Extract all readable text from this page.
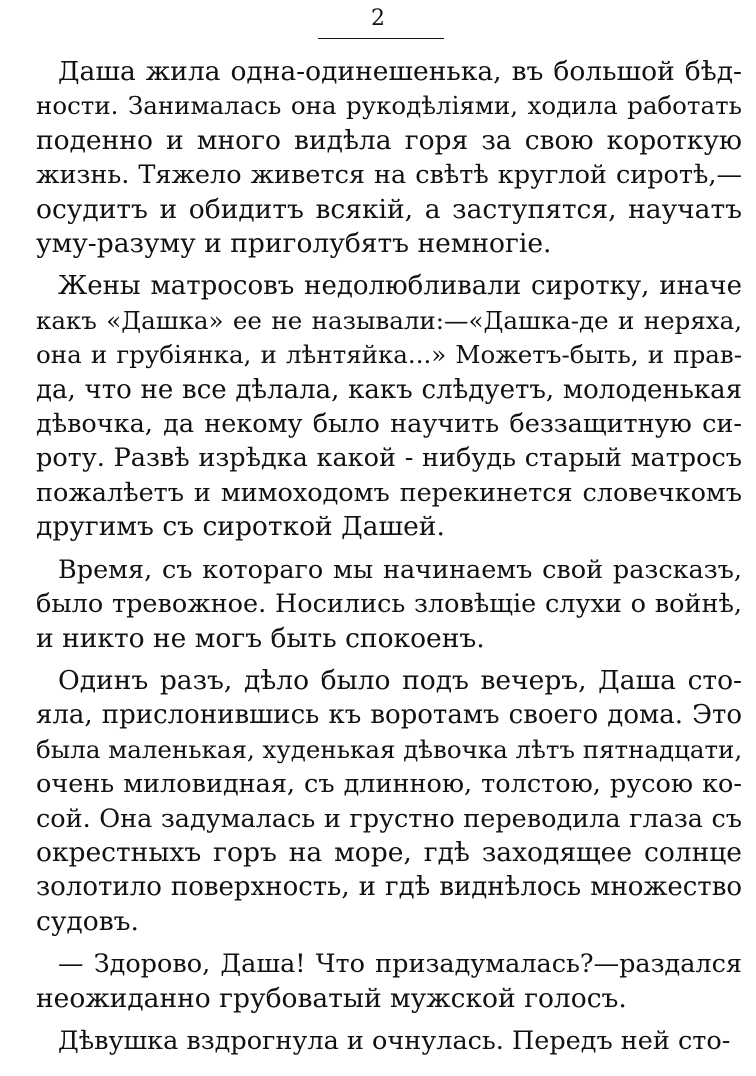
2

Даша жила одна-одинешенька, въ большой бѣд-
ности. Занималась она рукодѣліями, ходила работать
поденно и много видѣла горя за свою короткую
жизнь. Тяжело живется на свѣтѣ круглой сиротѣ,—
осудитъ и обидитъ всякій, а заступятся, научатъ
уму-разуму и приголубятъ немногіе.

Жены матросовъ недолюбливали сиротку, иначе
какъ «Дашка» ее не называли:—«Дашка-де и неряха,
она и грубіянка, и лѣнтяйка...» Можетъ-быть, и прав-
да, что не все дѣлала, какъ слѣдуетъ, молоденькая
дѣвочка, да некому было научить беззащитную си-
роту. Развѣ изрѣдка какой - нибудь старый матросъ
пожалѣетъ и мимоходомъ перекинется словечкомъ
другимъ съ сироткой Дашей.

Время, съ котораго мы начинаемъ свой разсказъ,
было тревожное. Носились зловѣщіе слухи о войнѣ,
и никто не могъ быть спокоенъ.

Одинъ разъ, дѣло было подъ вечеръ, Даша сто-
яла, прислонившись къ воротамъ своего дома. Это
была маленькая, худенькая дѣвочка лѣтъ пятнадцати,
очень миловидная, съ длинною, толстою, русою ко-
сой. Она задумалась и грустно переводила глаза съ
окрестныхъ горъ на море, гдѣ заходящее солнце
золотило поверхность, и гдѣ виднѣлось множество
судовъ.

— Здорово, Даша! Что призадумалась?—раздался
неожиданно грубоватый мужской голосъ.

Дѣвушка вздрогнула и очнулась. Передъ ней сто-
